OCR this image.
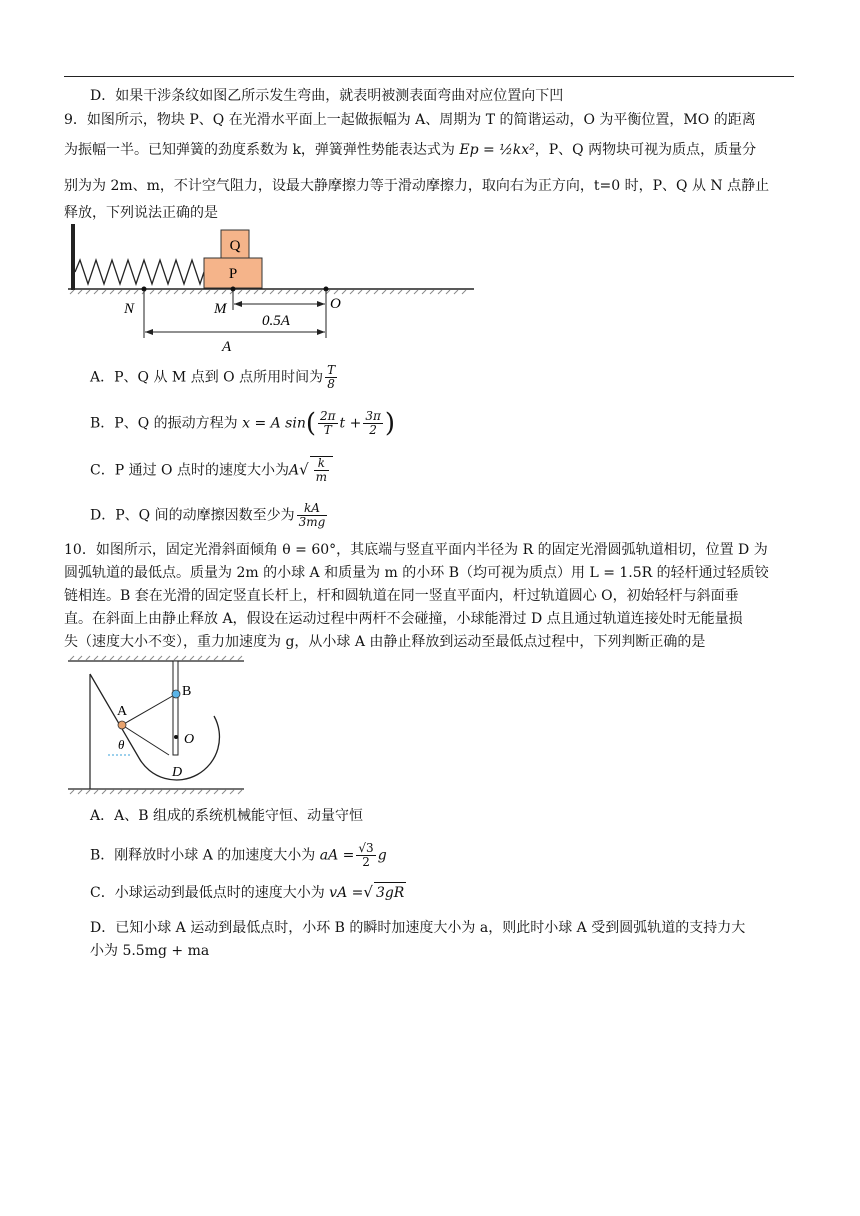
D．如果干涉条纹如图乙所示发生弯曲，就表明被测表面弯曲对应位置向下凹
9．如图所示，物块 P、Q 在光滑水平面上一起做振幅为 A、周期为 T 的简谐运动，O 为平衡位置，MO 的距离
为振幅一半。已知弹簧的劲度系数为 k，弹簧弹性势能表达式为 Ep = ½kx²，P、Q 两物块可视为质点，质量分
别为为 2m、m，不计空气阻力，设最大静摩擦力等于滑动摩擦力，取向右为正方向，t=0 时，P、Q 从 N 点静止
释放，下列说法正确的是
P
Q
N	M	O
0.5A
A
A．P、Q 从 M 点到 O 点所用时间为 $\frac{T}{8}$
B．P、Q 的振动方程为 x = A $\sin( \frac{2\pi}{T}$ $t + \frac{3\pi}{2}$ )
C．P 通过 O 点时的速度大小为$A√ \frac{k}{m}$
D．P、Q 间的动摩擦因数至少为 $\frac{kA}{3mg}$
10．如图所示，固定光滑斜面倾角 θ = 60°，其底端与竖直平面内半径为 R 的固定光滑圆弧轨道相切，位置 D 为
圆弧轨道的最低点。质量为 2m 的小球 A 和质量为 m 的小环 B（均可视为质点）用 L = 1.5R 的轻杆通过轻质铰
链相连。B 套在光滑的固定竖直长杆上，杆和圆轨道在同一竖直平面内，杆过轨道圆心 O，初始轻杆与斜面垂
直。在斜面上由静止释放 A，假设在运动过程中两杆不会碰撞，小球能滑过 D 点且通过轨道连接处时无能量损
失（速度大小不变），重力加速度为 g，从小球 A 由静止释放到运动至最低点过程中，下列判断正确的是
A
B
O
D
θ
A．A、B 组成的系统机械能守恒、动量守恒
B．刚释放时小球 A 的加速度大小为 aA = $\frac{√3}{2}$ g
C．小球运动到最低点时的速度大小为 vA =√ 3gR
D．已知小球 A 运动到最低点时，小环 B 的瞬时加速度大小为 a，则此时小球 A 受到圆弧轨道的支持力大
小为 5.5mg + ma
